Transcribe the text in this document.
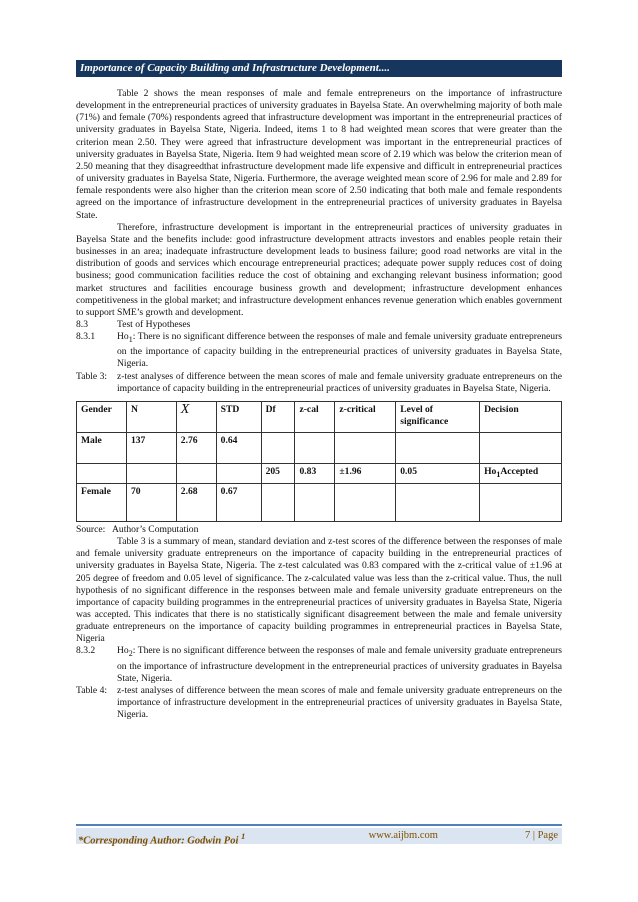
Importance of Capacity Building and Infrastructure Development....

Table 2 shows the mean responses of male and female entrepreneurs on the importance of infrastructure development in the entrepreneurial practices of university graduates in Bayelsa State. An overwhelming majority of both male (71%) and female (70%) respondents agreed that infrastructure development was important in the entrepreneurial practices of university graduates in Bayelsa State, Nigeria. Indeed, items 1 to 8 had weighted mean scores that were greater than the criterion mean 2.50. They were agreed that infrastructure development was important in the entrepreneurial practices of university graduates in Bayelsa State, Nigeria. Item 9 had weighted mean score of 2.19 which was below the criterion mean of 2.50 meaning that they disagreedthat infrastructure development made life expensive and difficult in entrepreneurial practices of university graduates in Bayelsa State, Nigeria. Furthermore, the average weighted mean score of 2.96 for male and 2.89 for female respondents were also higher than the criterion mean score of 2.50 indicating that both male and female respondents agreed on the importance of infrastructure development in the entrepreneurial practices of university graduates in Bayelsa State.

Therefore, infrastructure development is important in the entrepreneurial practices of university graduates in Bayelsa State and the benefits include: good infrastructure development attracts investors and enables people retain their businesses in an area; inadequate infrastructure development leads to business failure; good road networks are vital in the distribution of goods and services which encourage entrepreneurial practices; adequate power supply reduces cost of doing business; good communication facilities reduce the cost of obtaining and exchanging relevant business information; good market structures and facilities encourage business growth and development; infrastructure development enhances competitiveness in the global market; and infrastructure development enhances revenue generation which enables government to support SME’s growth and development.

8.3	Test of Hypotheses
8.3.1	$Ho_1$: There is no significant difference between the responses of male and female university graduate entrepreneurs on the importance of capacity building in the entrepreneurial practices of university graduates in Bayelsa State, Nigeria.
Table 3:	z-test analyses of difference between the mean scores of male and female university graduate entrepreneurs on the importance of capacity building in the entrepreneurial practices of university graduates in Bayelsa State, Nigeria.
Gender	N	$\overline{X}$	STD	Df	z-cal	z-critical	Level of significance	Decision
Male	137	2.76	0.64					
				205	0.83	±1.96	0.05	$Ho_1Accepted$
Female	70	2.68	0.67					

Source:   Author’s Computation

Table 3 is a summary of mean, standard deviation and z-test scores of the difference between the responses of male and female university graduate entrepreneurs on the importance of capacity building in the entrepreneurial practices of university graduates in Bayelsa State, Nigeria. The z-test calculated was 0.83 compared with the z-critical value of ±1.96 at 205 degree of freedom and 0.05 level of significance. The z-calculated value was less than the z-critical value. Thus, the null hypothesis of no significant difference in the responses between male and female university graduate entrepreneurs on the importance of capacity building programmes in the entrepreneurial practices of university graduates in Bayelsa State, Nigeria was accepted. This indicates that there is no statistically significant disagreement between the male and female university graduate entrepreneurs on the importance of capacity building programmes in entrepreneurial practices in Bayelsa State, Nigeria

8.3.2	$Ho_2$: There is no significant difference between the responses of male and female university graduate entrepreneurs on the importance of infrastructure development in the entrepreneurial practices of university graduates in Bayelsa State, Nigeria.
Table 4:	z-test analyses of difference between the mean scores of male and female university graduate entrepreneurs on the importance of infrastructure development in the entrepreneurial practices of university graduates in Bayelsa State, Nigeria.
*Corresponding Author: Godwin Poi $^1$	www.aijbm.com	7 | Page
